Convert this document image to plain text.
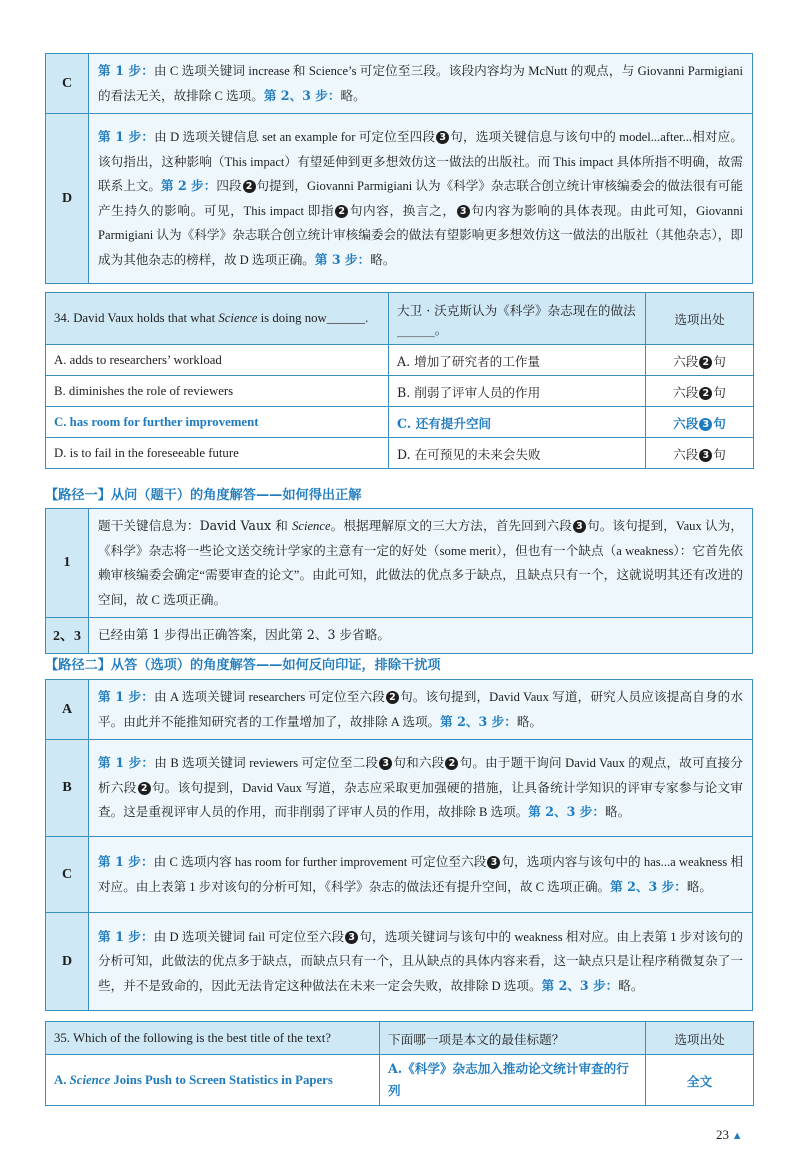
C	第 1 步：由 C 选项关键词 increase 和 Science’s 可定位至三段。该段内容均为 McNutt 的观点，与 Giovanni Parmigiani 的看法无关，故排除 C 选项。第 2、3 步：略。
D	第 1 步：由 D 选项关键信息 set an example for 可定位至四段 3 句，选项关键信息与该句中的 model...after...相对应。该句指出，这种影响（This impact）有望延伸到更多想效仿这一做法的出版社。而 This impact 具体所指不明确，故需联系上文。第 2 步：四段 2 句提到，Giovanni Parmigiani 认为《科学》杂志联合创立统计审核编委会的做法很有可能产生持久的影响。可见，This impact 即指 2 句内容，换言之， 3 句内容为影响的具体表现。由此可知，Giovanni Parmigiani 认为《科学》杂志联合创立统计审核编委会的做法有望影响更多想效仿这一做法的出版社（其他杂志），即成为其他杂志的榜样，故 D 选项正确。第 3 步：略。
34. David Vaux holds that what Science is doing now______.	大卫 · 沃克斯认为《科学》杂志现在的做法______。	选项出处
A. adds to researchers’ workload	A. 增加了研究者的工作量	六段 2 句
B. diminishes the role of reviewers	B. 削弱了评审人员的作用	六段 2 句
C. has room for further improvement	C. 还有提升空间	六段 3 句
D. is to fail in the foreseeable future	D. 在可预见的未来会失败	六段 3 句
【路径一】从问（题干）的角度解答——如何得出正解
1	题干关键信息为：David Vaux 和 Science。根据理解原文的三大方法，首先回到六段 3 句。该句提到，Vaux 认为，《科学》杂志将一些论文送交统计学家的主意有一定的好处（some merit），但也有一个缺点（a weakness）：它首先依赖审核编委会确定“需要审查的论文”。由此可知，此做法的优点多于缺点，且缺点只有一个，这就说明其还有改进的空间，故 C 选项正确。
2、3	已经由第 1 步得出正确答案，因此第 2、3 步省略。
【路径二】从答（选项）的角度解答——如何反向印证，排除干扰项
A	第 1 步：由 A 选项关键词 researchers 可定位至六段 2 句。该句提到，David Vaux 写道，研究人员应该提高自身的水平。由此并不能推知研究者的工作量增加了，故排除 A 选项。第 2、3 步：略。
B	第 1 步：由 B 选项关键词 reviewers 可定位至二段 3 句和六段 2 句。由于题干询问 David Vaux 的观点，故可直接分析六段 2 句。该句提到，David Vaux 写道，杂志应采取更加强硬的措施，让具备统计学知识的评审专家参与论文审查。这是重视评审人员的作用，而非削弱了评审人员的作用，故排除 B 选项。第 2、3 步：略。
C	第 1 步：由 C 选项内容 has room for further improvement 可定位至六段 3 句，选项内容与该句中的 has...a weakness 相对应。由上表第 1 步对该句的分析可知，《科学》杂志的做法还有提升空间，故 C 选项正确。第 2、3 步：略。
D	第 1 步：由 D 选项关键词 fail 可定位至六段 3 句，选项关键词与该句中的 weakness 相对应。由上表第 1 步对该句的分析可知，此做法的优点多于缺点，而缺点只有一个，且从缺点的具体内容来看，这一缺点只是让程序稍微复杂了一些，并不是致命的，因此无法肯定这种做法在未来一定会失败，故排除 D 选项。第 2、3 步：略。
35. Which of the following is the best title of the text?	下面哪一项是本文的最佳标题？	选项出处
A. Science Joins Push to Screen Statistics in Papers	A.《科学》杂志加入推动论文统计审查的行列	全文
23 ▲
